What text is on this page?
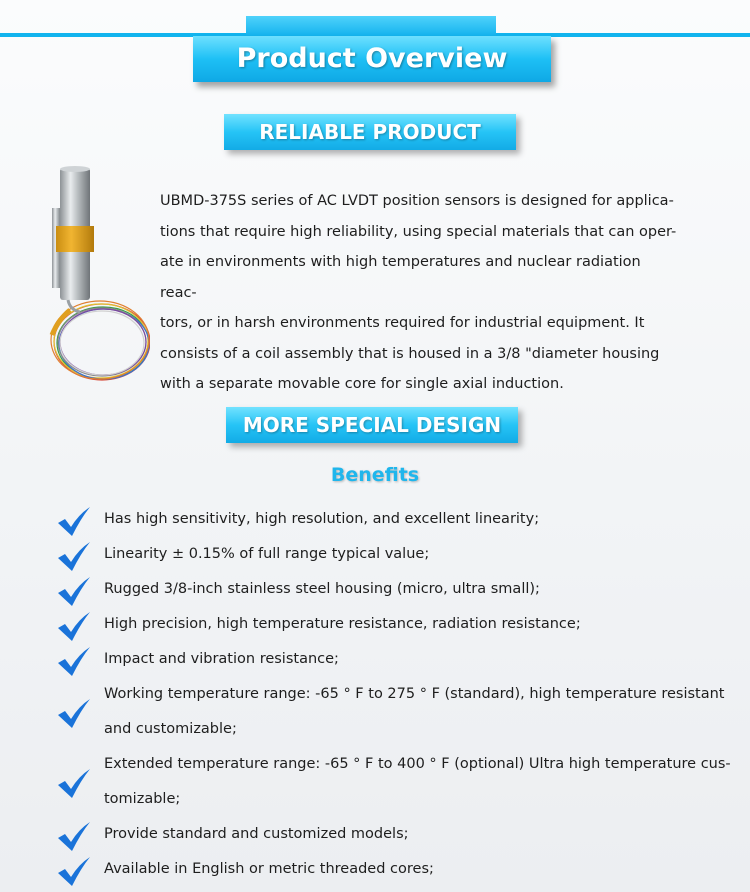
Product Overview
RELIABLE PRODUCT
UBMD-375S series of AC LVDT position sensors is designed for applica-
tions that require high reliability, using special materials that can oper-
ate in environments with high temperatures and nuclear radiation reac-
tors, or in harsh environments required for industrial equipment. It
consists of a coil assembly that is housed in a 3/8 "diameter housing
with a separate movable core for single axial induction.
MORE SPECIAL DESIGN
Benefits
Has high sensitivity, high resolution, and excellent linearity;
Linearity ± 0.15% of full range typical value;
Rugged 3/8-inch stainless steel housing (micro, ultra small);
High precision, high temperature resistance, radiation resistance;
Impact and vibration resistance;
Working temperature range: -65 ° F to 275 ° F (standard), high temperature resistant
and customizable;
Extended temperature range: -65 ° F to 400 ° F (optional) Ultra high temperature cus-
tomizable;
Provide standard and customized models;
Available in English or metric threaded cores;
